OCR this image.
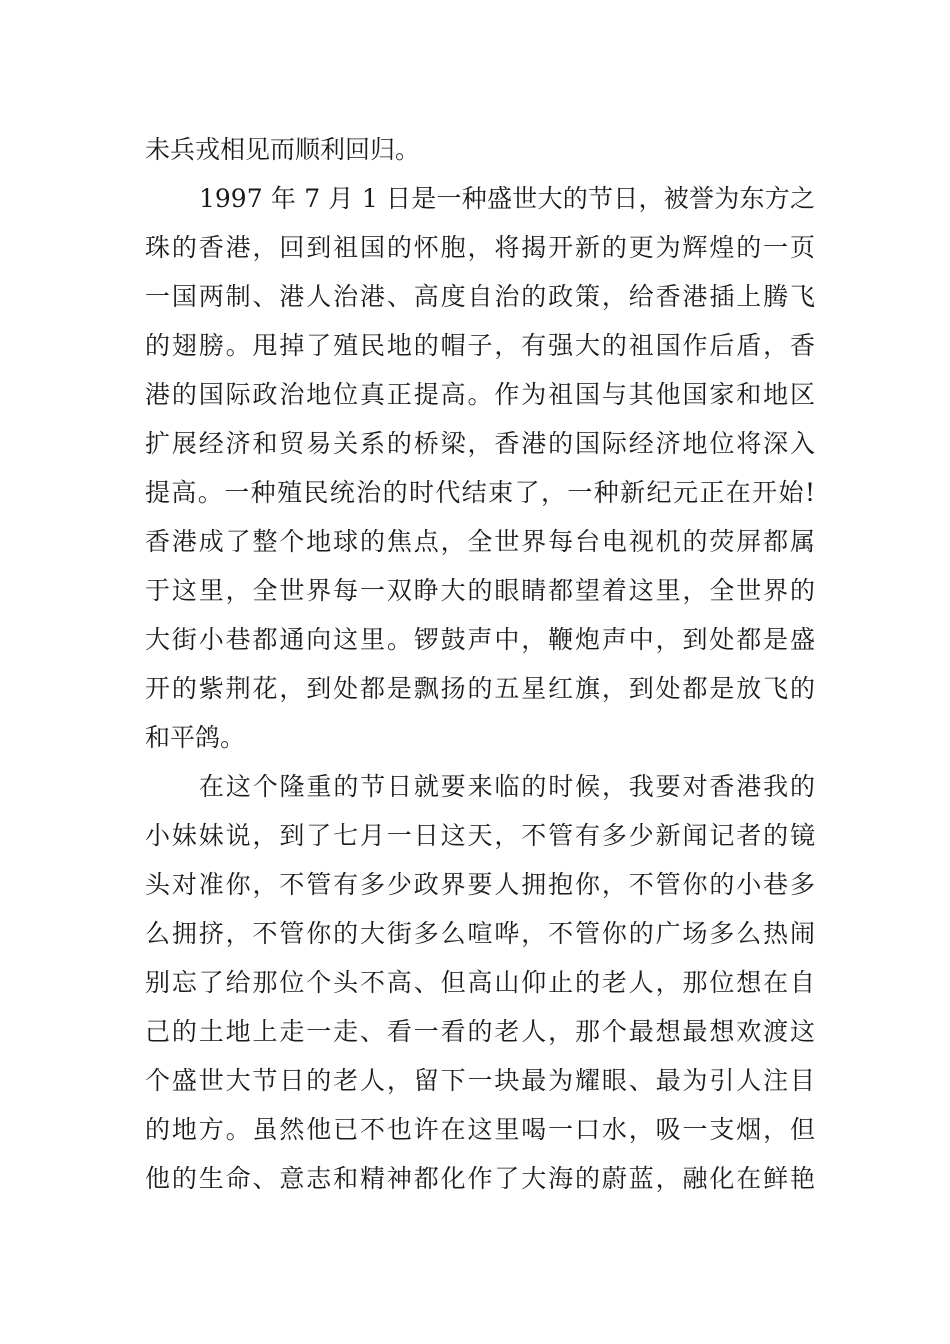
未兵戎相见而顺利回归。
1997 年 7 月 1 日是一种盛世大的节日，被誉为东方之
珠的香港，回到祖国的怀胞，将揭开新的更为辉煌的一页
一国两制、港人治港、高度自治的政策，给香港插上腾飞
的翅膀。甩掉了殖民地的帽子，有强大的祖国作后盾，香
港的国际政治地位真正提高。作为祖国与其他国家和地区
扩展经济和贸易关系的桥梁，香港的国际经济地位将深入
提高。一种殖民统治的时代结束了，一种新纪元正在开始!
香港成了整个地球的焦点，全世界每台电视机的荧屏都属
于这里，全世界每一双睁大的眼睛都望着这里，全世界的
大街小巷都通向这里。锣鼓声中，鞭炮声中，到处都是盛
开的紫荆花，到处都是飘扬的五星红旗，到处都是放飞的
和平鸽。
在这个隆重的节日就要来临的时候，我要对香港我的
小妹妹说，到了七月一日这天，不管有多少新闻记者的镜
头对准你，不管有多少政界要人拥抱你，不管你的小巷多
么拥挤，不管你的大街多么喧哗，不管你的广场多么热闹
别忘了给那位个头不高、但高山仰止的老人，那位想在自
己的土地上走一走、看一看的老人，那个最想最想欢渡这
个盛世大节日的老人，留下一块最为耀眼、最为引人注目
的地方。虽然他已不也许在这里喝一口水，吸一支烟，但
他的生命、意志和精神都化作了大海的蔚蓝，融化在鲜艳
